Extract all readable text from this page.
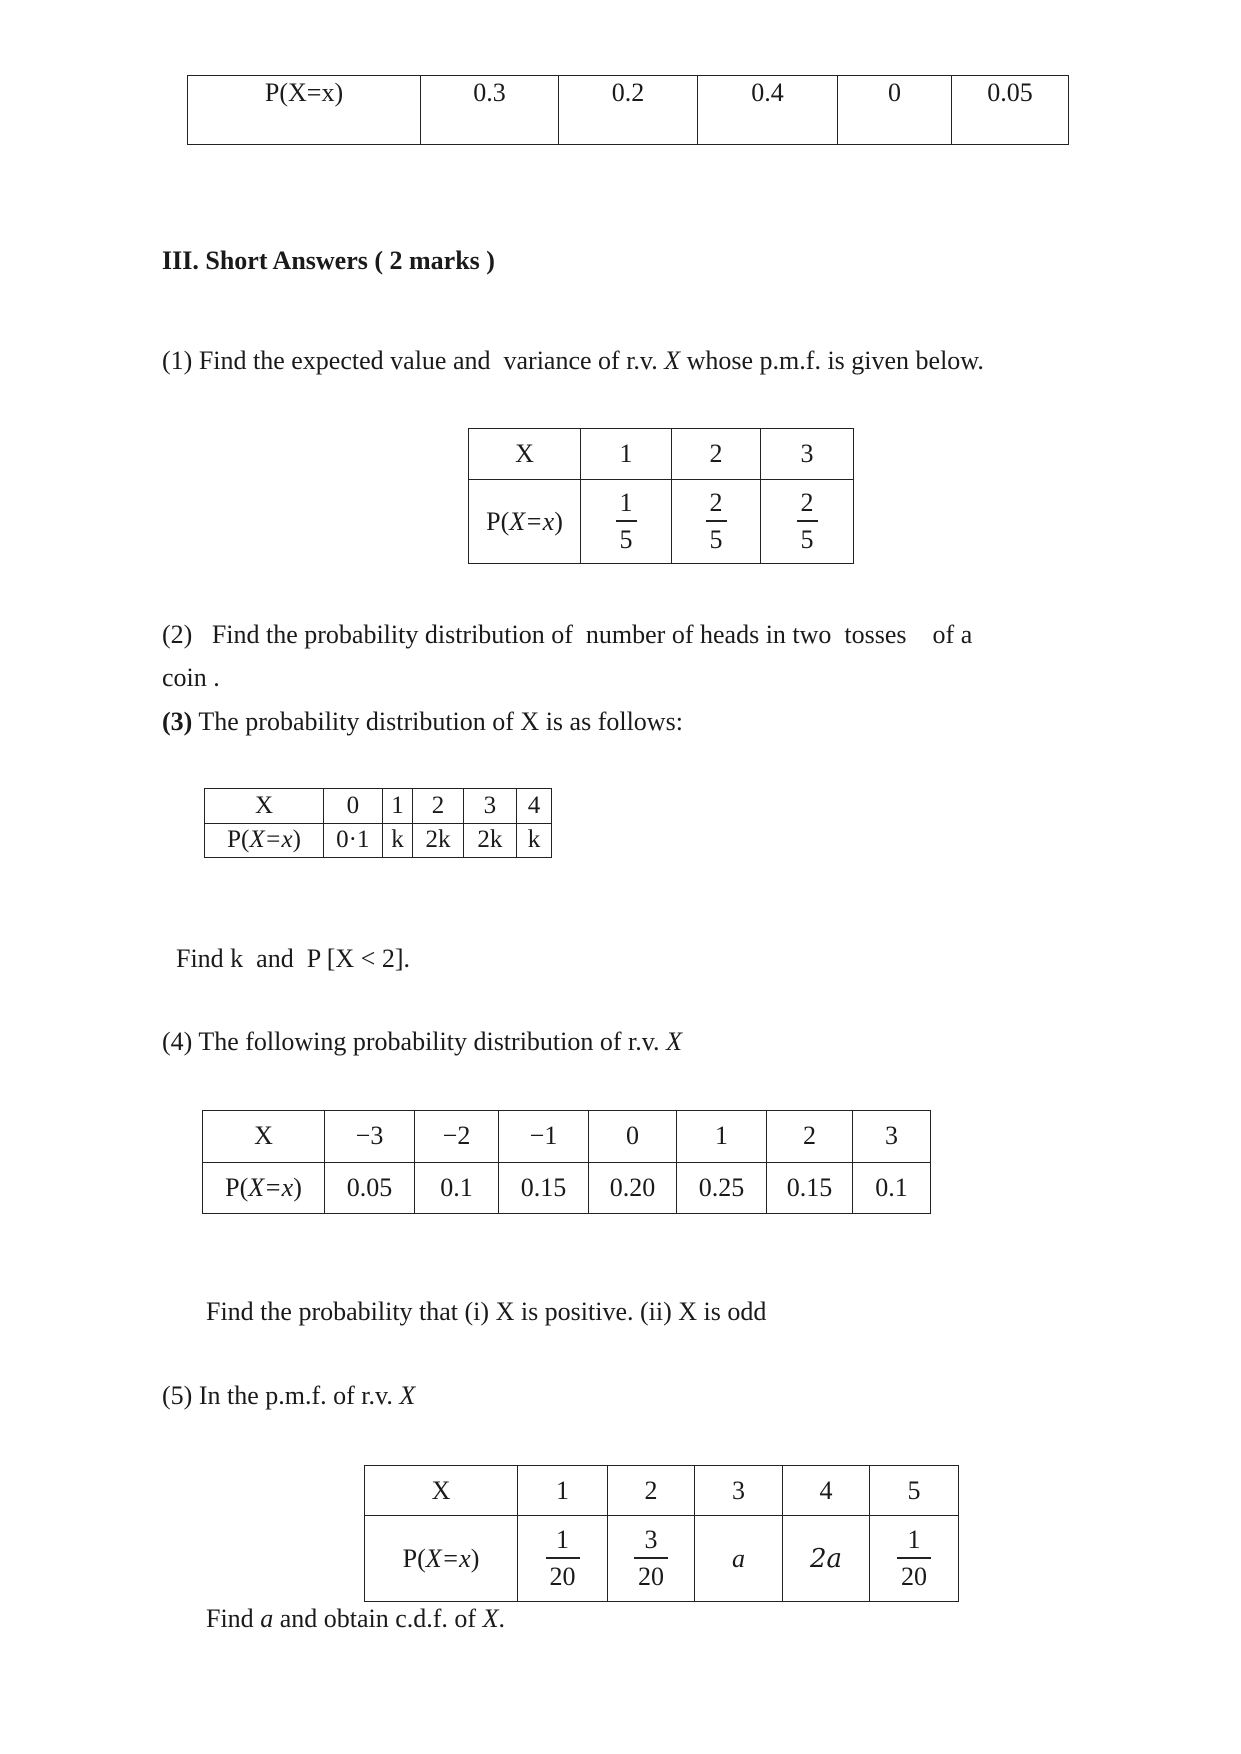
P(X=x)	0.3	0.2	0.4	0	0.05
III. Short Answers ( 2 marks )
(1) Find the expected value and  variance of r.v. X whose p.m.f. is given below.
X	1	2	3
P(X=x)	$\frac{1}{5}$	$\frac{2}{5}$	$\frac{2}{5}$
(2)   Find the probability distribution of  number of heads in two  tosses    of a
coin .
(3) The probability distribution of X is as follows:
X	0	1	2	3	4
P(X=x)	0·1	k	2k	2k	k
Find k  and  P [X < 2].
(4) The following probability distribution of r.v. X
X	−3	−2	−1	0	1	2	3
P(X=x)	0.05	0.1	0.15	0.20	0.25	0.15	0.1
Find the probability that (i) X is positive. (ii) X is odd
(5) In the p.m.f. of r.v. X
X	1	2	3	4	5
P(X=x)	$\frac{1}{20}$	$\frac{3}{20}$	a	2a	$\frac{1}{20}$
Find a and obtain c.d.f. of X.
